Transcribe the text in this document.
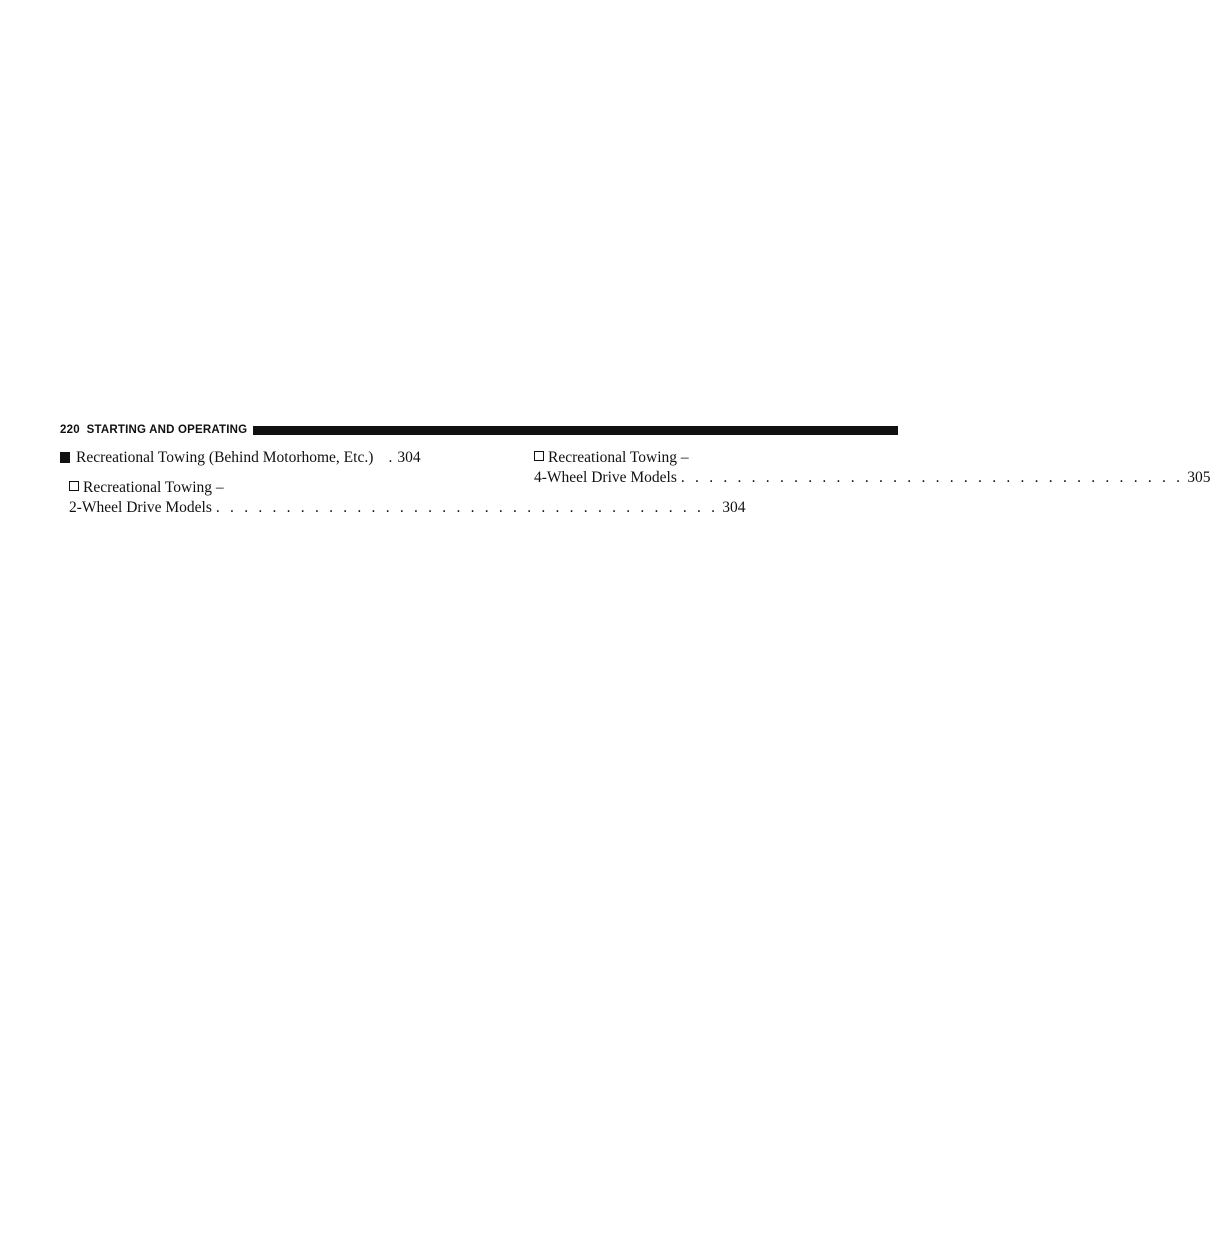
220 STARTING AND OPERATING
Recreational Towing (Behind Motorhome, Etc.) . 304
Recreational Towing –
2-Wheel Drive Models . . . . . . . . . . . . . . . . . . . . . . . . . . . . . . . . . . . . 304
Recreational Towing –
4-Wheel Drive Models . . . . . . . . . . . . . . . . . . . . . . . . . . . . . . . . . . . . 305
